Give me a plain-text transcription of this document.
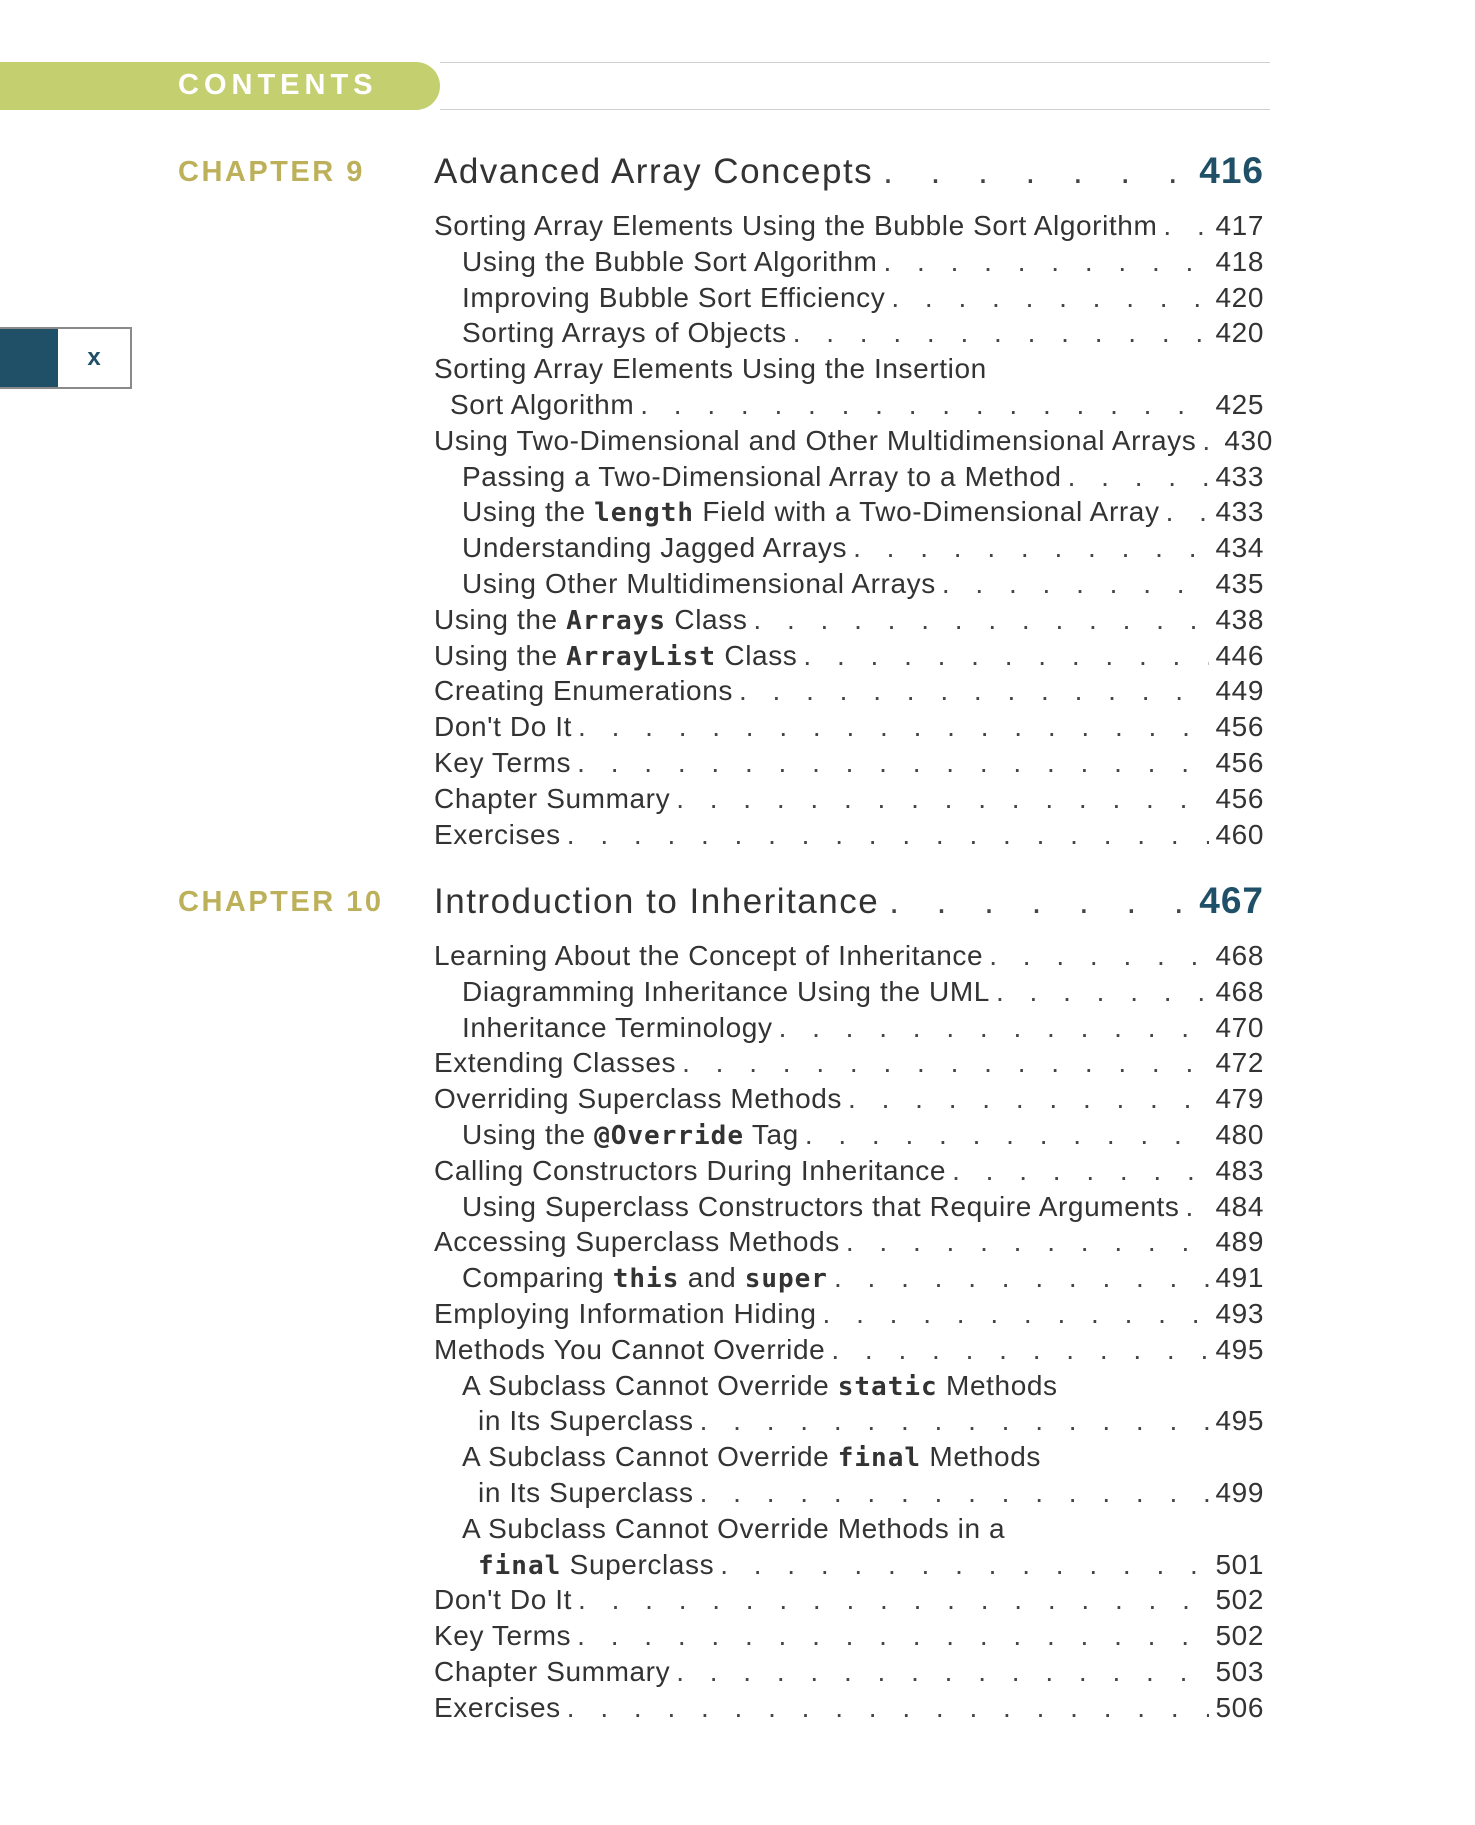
CONTENTS
x
CHAPTER 9 Advanced Array Concepts . . .	416
Sorting Array Elements Using the Bubble Sort Algorithm . . . 417
Using the Bubble Sort Algorithm . . .	418
Improving Bubble Sort Efficiency . . .	420
Sorting Arrays of Objects . . .	420
Sorting Array Elements Using the Insertion
Sort Algorithm . . .	425
Using Two-Dimensional and Other Multidimensional Arrays . . . 430
Passing a Two-Dimensional Array to a Method . . .	433
Using the length Field with a Two-Dimensional Array . . . 433
Understanding Jagged Arrays . . .	434
Using Other Multidimensional Arrays . . .	435
Using the Arrays Class . . .	438
Using the ArrayList Class . . .	446
Creating Enumerations . . .	449
Don't Do It . . .	456
Key Terms . . .	456
Chapter Summary . . .	456
Exercises . . .	460
CHAPTER 10 Introduction to Inheritance . . .	467
Learning About the Concept of Inheritance . . .	468
Diagramming Inheritance Using the UML . . .	468
Inheritance Terminology . . .	470
Extending Classes . . .	472
Overriding Superclass Methods . . .	479
Using the @Override Tag . . .	480
Calling Constructors During Inheritance . . .	483
Using Superclass Constructors that Require Arguments . . . 484
Accessing Superclass Methods . . .	489
Comparing this and super . . .	491
Employing Information Hiding . . .	493
Methods You Cannot Override . . .	495
A Subclass Cannot Override static Methods
in Its Superclass . . .	495
A Subclass Cannot Override final Methods
in Its Superclass . . .	499
A Subclass Cannot Override Methods in a
final Superclass . . .	501
Don't Do It . . .	502
Key Terms . . .	502
Chapter Summary . . .	503
Exercises . . .	506
